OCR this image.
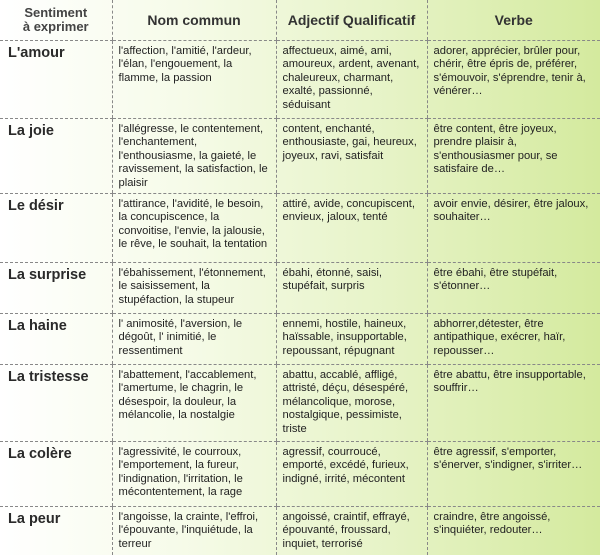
Sentiment
à exprimer	Nom commun	Adjectif Qualificatif	Verbe
L'amour	l'affection, l'amitié, l'ardeur, l'élan, l'engouement, la flamme, la passion	affectueux, aimé, ami, amoureux, ardent, avenant, chaleureux, charmant, exalté, passionné, séduisant	adorer, apprécier, brûler pour, chérir, être épris de, préférer, s'émouvoir, s'éprendre, tenir à, vénérer…
La joie	l'allégresse, le contentement, l'enchantement, l'enthousiasme, la gaieté, le ravissement, la satisfaction, le plaisir	content, enchanté, enthousiaste, gai, heureux, joyeux, ravi, satisfait	être content, être joyeux, prendre plaisir à, s'enthousiasmer pour, se satisfaire de…
Le désir	l'attirance, l'avidité, le besoin, la concupiscence, la convoitise, l'envie, la jalousie, le rêve, le souhait, la tentation	attiré, avide, concupiscent, envieux, jaloux, tenté	avoir envie, désirer, être jaloux, souhaiter…
La surprise	l'ébahissement, l'étonnement, le saisissement, la stupéfaction, la stupeur	ébahi, étonné, saisi, stupéfait, surpris	être ébahi, être stupéfait, s'étonner…
La haine	l' animosité, l'aversion, le dégoût, l' inimitié, le ressentiment	ennemi, hostile, haineux, haïssable, insupportable, repoussant, répugnant	abhorrer,détester, être antipathique, exécrer, haïr, repousser…
La tristesse	l'abattement, l'accablement, l'amertume, le chagrin, le désespoir, la douleur, la mélancolie, la nostalgie	abattu, accablé, affligé, attristé, déçu, désespéré, mélancolique, morose, nostalgique, pessimiste, triste	être abattu, être insupportable, souffrir…
La colère	l'agressivité, le courroux, l'emportement, la fureur, l'indignation, l'irritation, le mécontentement, la rage	agressif, courroucé, emporté, excédé, furieux, indigné, irrité, mécontent	être agressif, s'emporter, s'énerver, s'indigner, s'irriter…
La peur	l'angoisse, la crainte, l'effroi, l'épouvante, l'inquiétude, la terreur	angoissé, craintif, effrayé, épouvanté, froussard, inquiet, terrorisé	craindre, être angoissé, s'inquiéter, redouter…
